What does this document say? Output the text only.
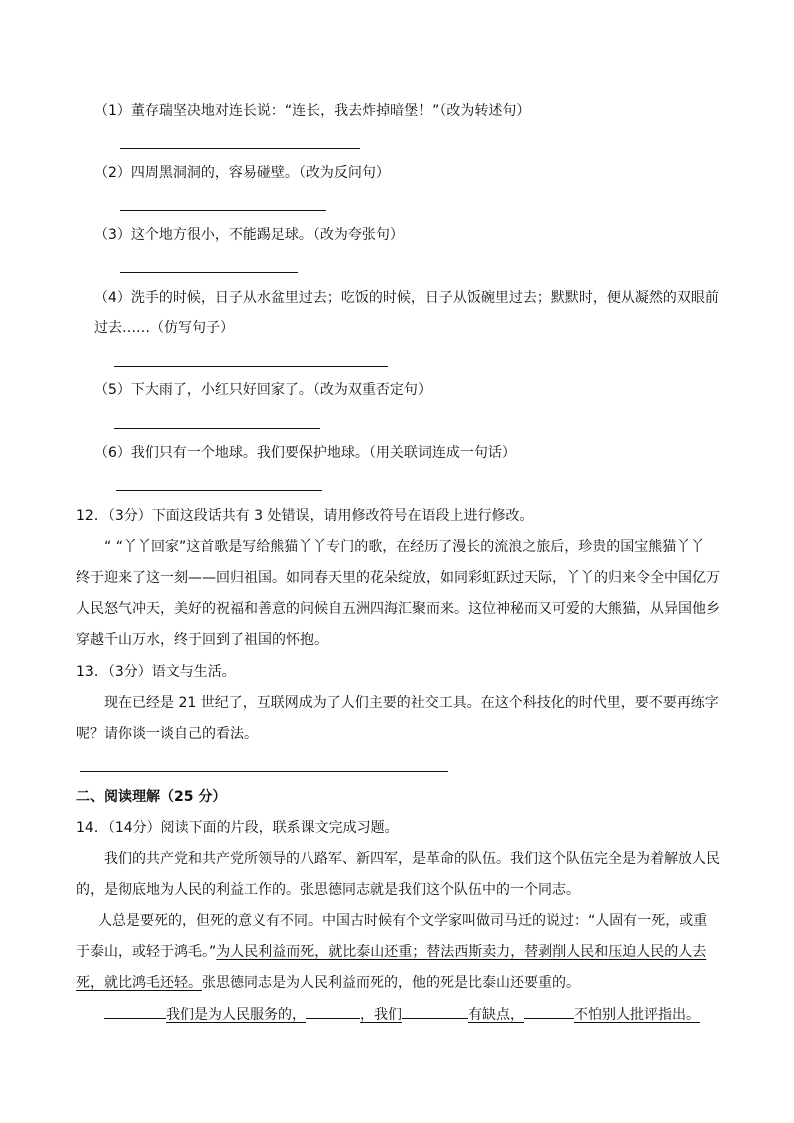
（1）董存瑞坚决地对连长说：“连长，我去炸掉暗堡！”（改为转述句）
（2）四周黑洞洞的，容易碰壁。（改为反问句）
（3）这个地方很小，不能踢足球。（改为夸张句）
（4）洗手的时候，日子从水盆里过去；吃饭的时候，日子从饭碗里过去；默默时，便从凝然的双眼前
过去……（仿写句子）
（5）下大雨了，小红只好回家了。（改为双重否定句）
（6）我们只有一个地球。我们要保护地球。（用关联词连成一句话）
12．（3分）下面这段话共有 3 处错误，请用修改符号在语段上进行修改。
“ “丫丫回家”这首歌是写给熊猫丫丫专门的歌，在经历了漫长的流浪之旅后，珍贵的国宝熊猫丫丫
终于迎来了这一刻——回归祖国。如同春天里的花朵绽放，如同彩虹跃过天际，丫丫的归来令全中国亿万
人民怒气冲天，美好的祝福和善意的问候自五洲四海汇聚而来。这位神秘而又可爱的大熊猫，从异国他乡
穿越千山万水，终于回到了祖国的怀抱。
13．（3分）语文与生活。
现在已经是 21 世纪了，互联网成为了人们主要的社交工具。在这个科技化的时代里，要不要再练字
呢？请你谈一谈自己的看法。
二、阅读理解（25 分）
14．（14分）阅读下面的片段，联系课文完成习题。
我们的共产党和共产党所领导的八路军、新四军，是革命的队伍。我们这个队伍完全是为着解放人民
的，是彻底地为人民的利益工作的。张思德同志就是我们这个队伍中的一个同志。
人总是要死的，但死的意义有不同。中国古时候有个文学家叫做司马迁的说过：“人固有一死，或重
于泰山，或轻于鸿毛。”为人民利益而死，就比泰山还重；替法西斯卖力，替剥削人民和压迫人民的人去
死，就比鸿毛还轻。张思德同志是为人民利益而死的，他的死是比泰山还要重的。
我们是为人民服务的，	，我们	有缺点，	不怕别人批评指出。
